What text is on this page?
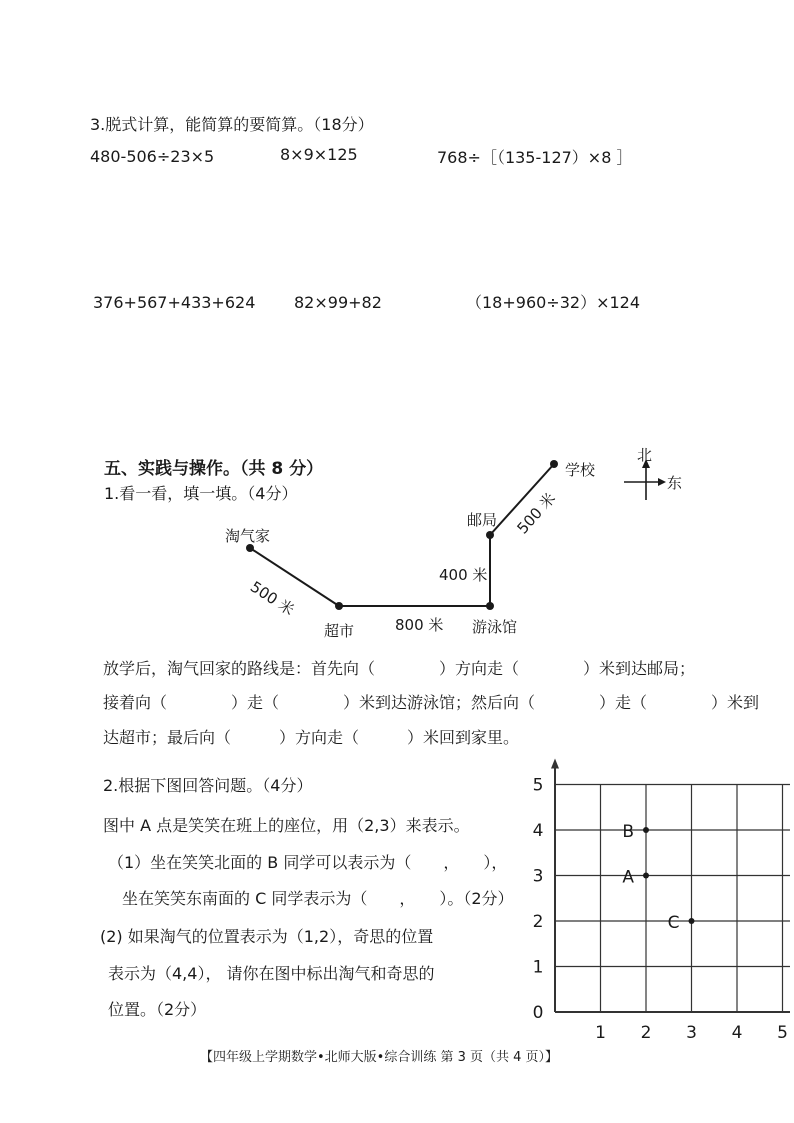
3.脱式计算，能简算的要简算。（18分）
480-506÷23×5	8×9×125	768÷［（135-127）×8 ］
376+567+433+624 82×99+82	（18+960÷32）×124
五、实践与操作。（共 8 分）
1.看一看，填一填。（4分）
淘气家
超市	游泳馆
邮局
学校
北
东
500 米
800 米
400 米
500 米
放学后，淘气回家的路线是：首先向（　　　　）方向走（　　　　）米到达邮局；
接着向（　　　　）走（　　　　）米到达游泳馆；然后向（　　　　）走（　　　　）米到
达超市；最后向（　　　）方向走（　　　）米回到家里。
2.根据下图回答问题。（4分）
图中 A 点是笑笑在班上的座位，用（2,3）来表示。
（1）坐在笑笑北面的 B 同学可以表示为（　　，　　），
坐在笑笑东南面的 C 同学表示为（　　，　　）。（2分）
(2) 如果淘气的位置表示为（1,2），奇思的位置
表示为（4,4）， 请你在图中标出淘气和奇思的
位置。（2分）
1 2 3 4 5
0
1
2
3
4
5
A
B
C
【四年级上学期数学•北师大版•综合训练 第 3 页（共 4 页）】
